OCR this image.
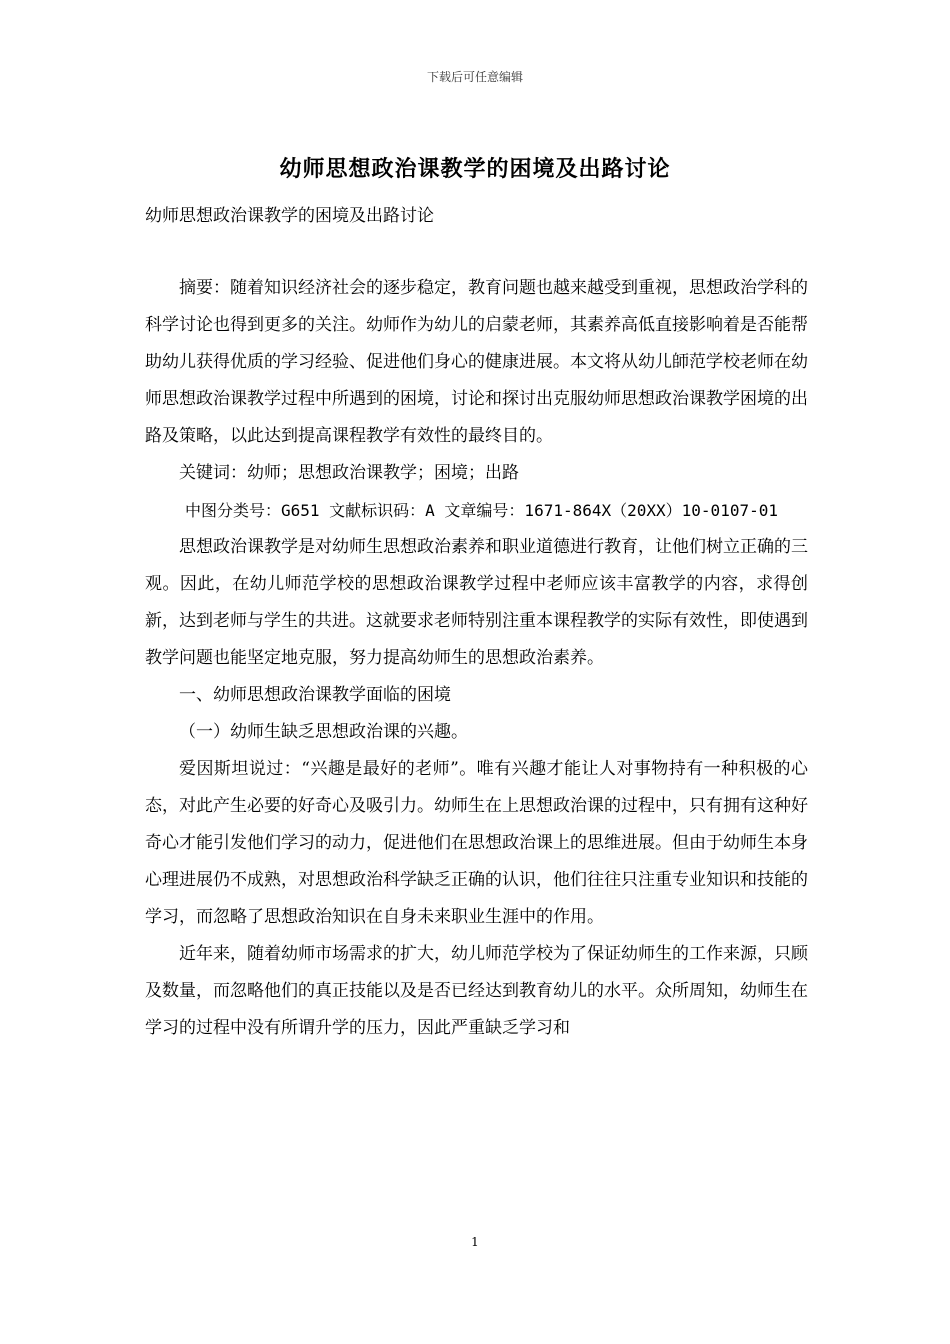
下载后可任意编辑
幼师思想政治课教学的困境及出路讨论
幼师思想政治课教学的困境及出路讨论

摘要：随着知识经济社会的逐步稳定，教育问题也越来越受到重视，思想政治学科的科学讨论也得到更多的关注。幼师作为幼儿的启蒙老师，其素养高低直接影响着是否能帮助幼儿获得优质的学习经验、促进他们身心的健康进展。本文将从幼儿師范学校老师在幼师思想政治课教学过程中所遇到的困境，讨论和探讨出克服幼师思想政治课教学困境的出路及策略，以此达到提高课程教学有效性的最终目的。

关键词：幼师；思想政治课教学；困境；出路

中图分类号：G651 文献标识码：A 文章编号：1671-864X（20XX）10-0107-01

思想政治课教学是对幼师生思想政治素养和职业道德进行教育，让他们树立正确的三观。因此，在幼儿师范学校的思想政治课教学过程中老师应该丰富教学的内容，求得创新，达到老师与学生的共进。这就要求老师特别注重本课程教学的实际有效性，即使遇到教学问题也能坚定地克服，努力提高幼师生的思想政治素养。

一、幼师思想政治课教学面临的困境

（一）幼师生缺乏思想政治课的兴趣。

爱因斯坦说过：“兴趣是最好的老师”。唯有兴趣才能让人对事物持有一种积极的心态，对此产生必要的好奇心及吸引力。幼师生在上思想政治课的过程中，只有拥有这种好奇心才能引发他们学习的动力，促进他们在思想政治课上的思维进展。但由于幼师生本身心理进展仍不成熟，对思想政治科学缺乏正确的认识，他们往往只注重专业知识和技能的学习，而忽略了思想政治知识在自身未来职业生涯中的作用。

近年来，随着幼师市场需求的扩大，幼儿师范学校为了保证幼师生的工作来源，只顾及数量，而忽略他们的真正技能以及是否已经达到教育幼儿的水平。众所周知，幼师生在学习的过程中没有所谓升学的压力，因此严重缺乏学习和

1
